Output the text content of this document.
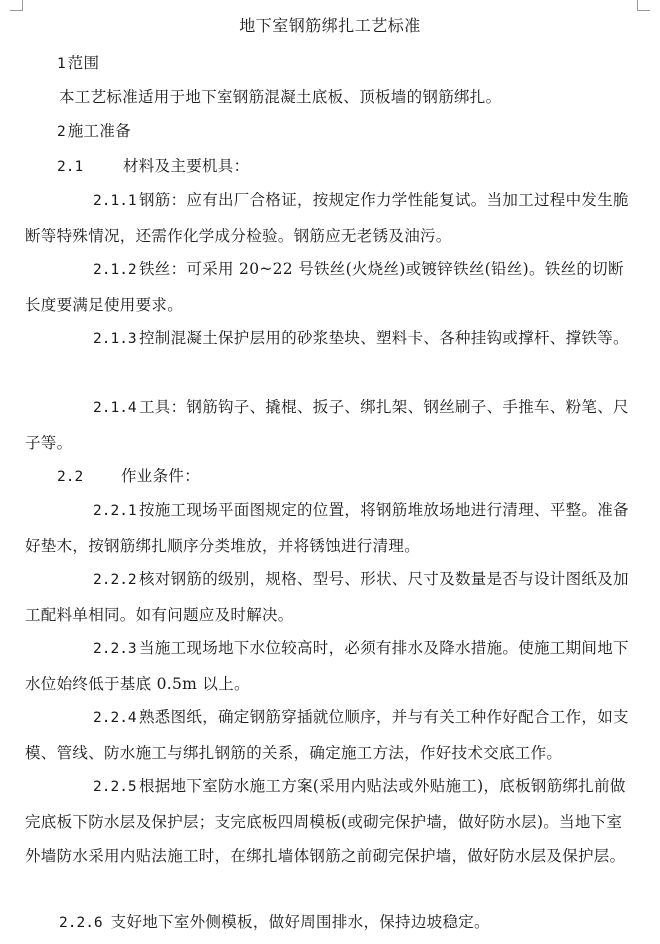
地下室钢筋绑扎工艺标准
1 范围
本工艺标准适用于地下室钢筋混凝土底板、顶板墙的钢筋绑扎。
2 施工准备
2.1	材料及主要机具：
2.1.1 钢筋：应有出厂合格证，按规定作力学性能复试。当加工过程中发生脆断等特殊情况，还需作化学成分检验。钢筋应无老锈及油污。
2.1.2 铁丝：可采用 20~22 号铁丝(火烧丝)或镀锌铁丝(铅丝)。铁丝的切断长度要满足使用要求。
2.1.3 控制混凝土保护层用的砂浆垫块、塑料卡、各种挂钩或撑杆、撑铁等。
2.1.4 工具：钢筋钩子、撬棍、扳子、绑扎架、钢丝刷子、手推车、粉笔、尺子等。
2.2 作业条件：
2.2.1 按施工现场平面图规定的位置，将钢筋堆放场地进行清理、平整。准备好垫木，按钢筋绑扎顺序分类堆放，并将锈蚀进行清理。
2.2.2 核对钢筋的级别，规格、型号、形状、尺寸及数量是否与设计图纸及加工配料单相同。如有问题应及时解决。
2.2.3 当施工现场地下水位较高时，必须有排水及降水措施。使施工期间地下水位始终低于基底 0.5m 以上。
2.2.4 熟悉图纸，确定钢筋穿插就位顺序，并与有关工种作好配合工作，如支模、管线、防水施工与绑扎钢筋的关系，确定施工方法，作好技术交底工作。
2.2.5 根据地下室防水施工方案(采用内贴法或外贴施工)，底板钢筋绑扎前做完底板下防水层及保护层；支完底板四周模板(或砌完保护墙，做好防水层)。当地下室外墙防水采用内贴法施工时，在绑扎墙体钢筋之前砌完保护墙，做好防水层及保护层。
2.2.6 支好地下室外侧模板，做好周围排水，保持边坡稳定。
